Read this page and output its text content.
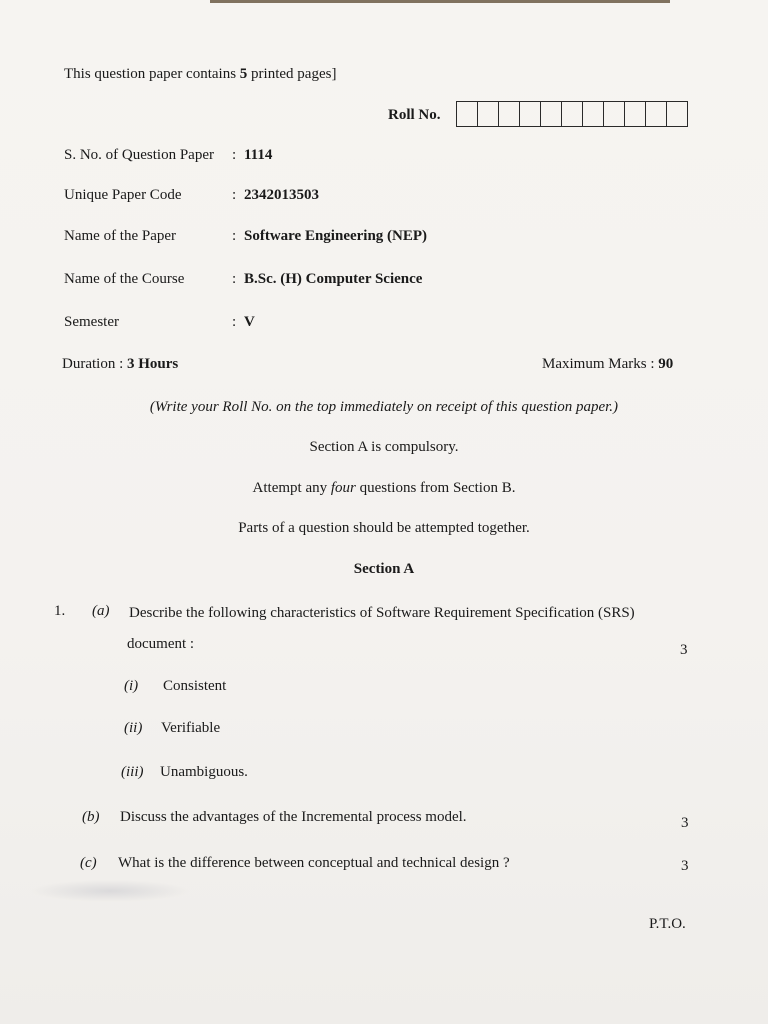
This question paper contains 5 printed pages]
Roll No.
S. No. of Question Paper : 1114
Unique Paper Code	: 2342013503
Name of the Paper	: Software Engineering (NEP)
Name of the Course	: B.Sc. (H) Computer Science
Semester	: V
Duration : 3 Hours	Maximum Marks : 90
(Write your Roll No. on the top immediately on receipt of this question paper.)
Section A is compulsory.
Attempt any four questions from Section B.
Parts of a question should be attempted together.
Section A
1. (a) Describe the following characteristics of Software Requirement Specification (SRS)
document :	3
(i) Consistent
(ii) Verifiable
(iii) Unambiguous.
(b) Discuss the advantages of the Incremental process model.	3
(c) What is the difference between conceptual and technical design ?	3
P.T.O.
